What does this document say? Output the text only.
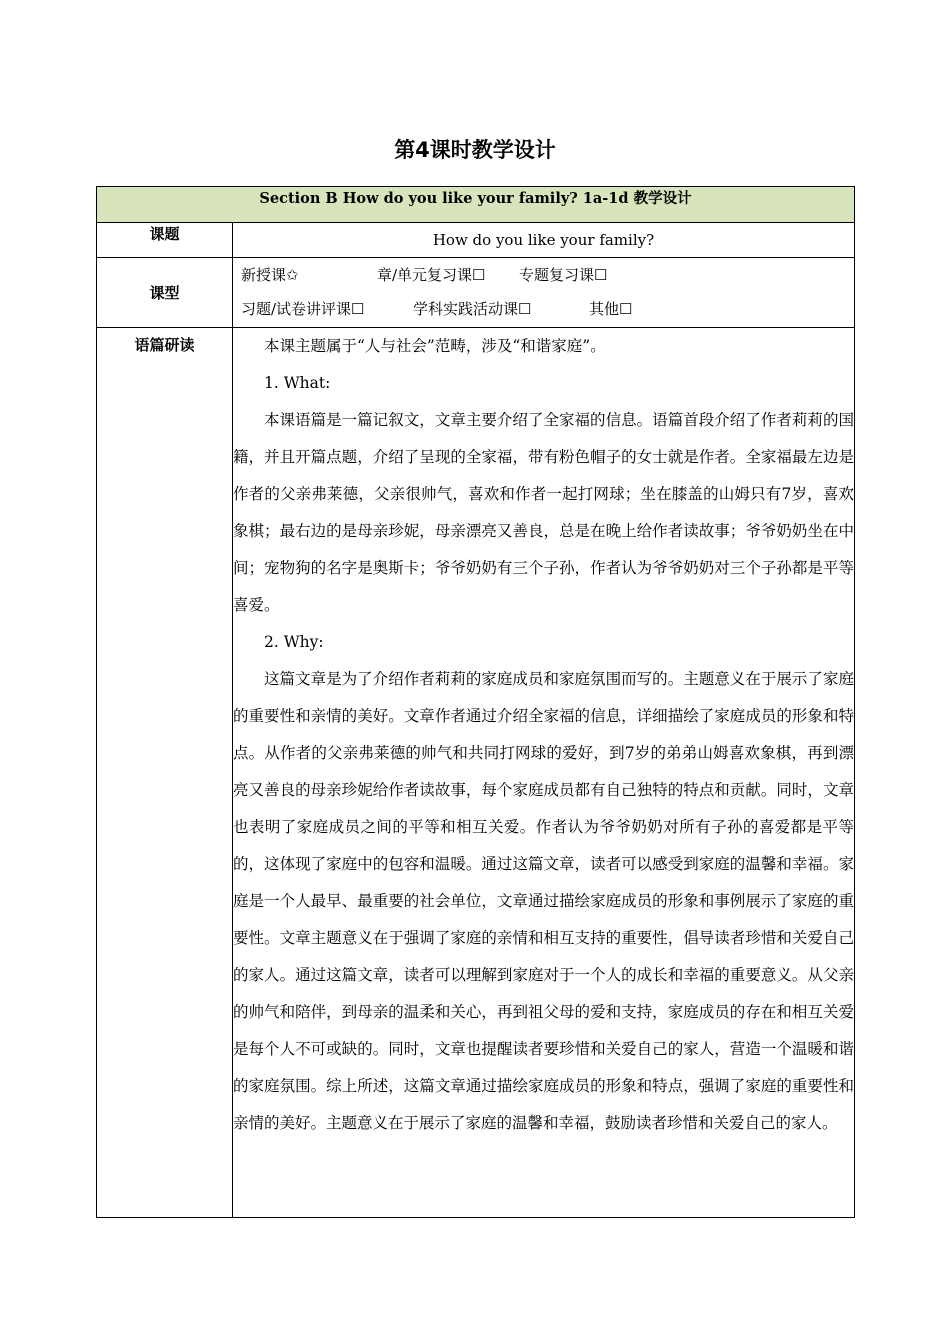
第4课时教学设计
Section B How do you like your family? 1a-1d 教学设计	
课题	How do you like your family?
课型	新授课✩ 章/单元复习课☐ 专题复习课☐
习题/试卷讲评课☐ 学科实践活动课☐ 其他☐

语篇研读	本课主题属于“人与社会”范畴，涉及“和谐家庭”。

1. What:

本课语篇是一篇记叙文，文章主要介绍了全家福的信息。语篇首段介绍了作者莉莉的国籍，并且开篇点题，介绍了呈现的全家福，带有粉色帽子的女士就是作者。全家福最左边是作者的父亲弗莱德，父亲很帅气，喜欢和作者一起打网球；坐在膝盖的山姆只有7岁，喜欢象棋；最右边的是母亲珍妮，母亲漂亮又善良，总是在晚上给作者读故事；爷爷奶奶坐在中间；宠物狗的名字是奥斯卡；爷爷奶奶有三个子孙，作者认为爷爷奶奶对三个子孙都是平等喜爱。

2. Why:

这篇文章是为了介绍作者莉莉的家庭成员和家庭氛围而写的。主题意义在于展示了家庭的重要性和亲情的美好。文章作者通过介绍全家福的信息，详细描绘了家庭成员的形象和特点。从作者的父亲弗莱德的帅气和共同打网球的爱好，到7岁的弟弟山姆喜欢象棋，再到漂亮又善良的母亲珍妮给作者读故事，每个家庭成员都有自己独特的特点和贡献。同时，文章也表明了家庭成员之间的平等和相互关爱。作者认为爷爷奶奶对所有子孙的喜爱都是平等的，这体现了家庭中的包容和温暖。通过这篇文章，读者可以感受到家庭的温馨和幸福。家庭是一个人最早、最重要的社会单位，文章通过描绘家庭成员的形象和事例展示了家庭的重要性。文章主题意义在于强调了家庭的亲情和相互支持的重要性，倡导读者珍惜和关爱自己的家人。通过这篇文章，读者可以理解到家庭对于一个人的成长和幸福的重要意义。从父亲的帅气和陪伴，到母亲的温柔和关心，再到祖父母的爱和支持，家庭成员的存在和相互关爱是每个人不可或缺的。同时，文章也提醒读者要珍惜和关爱自己的家人，营造一个温暖和谐的家庭氛围。综上所述，这篇文章通过描绘家庭成员的形象和特点，强调了家庭的重要性和亲情的美好。主题意义在于展示了家庭的温馨和幸福，鼓励读者珍惜和关爱自己的家人。
